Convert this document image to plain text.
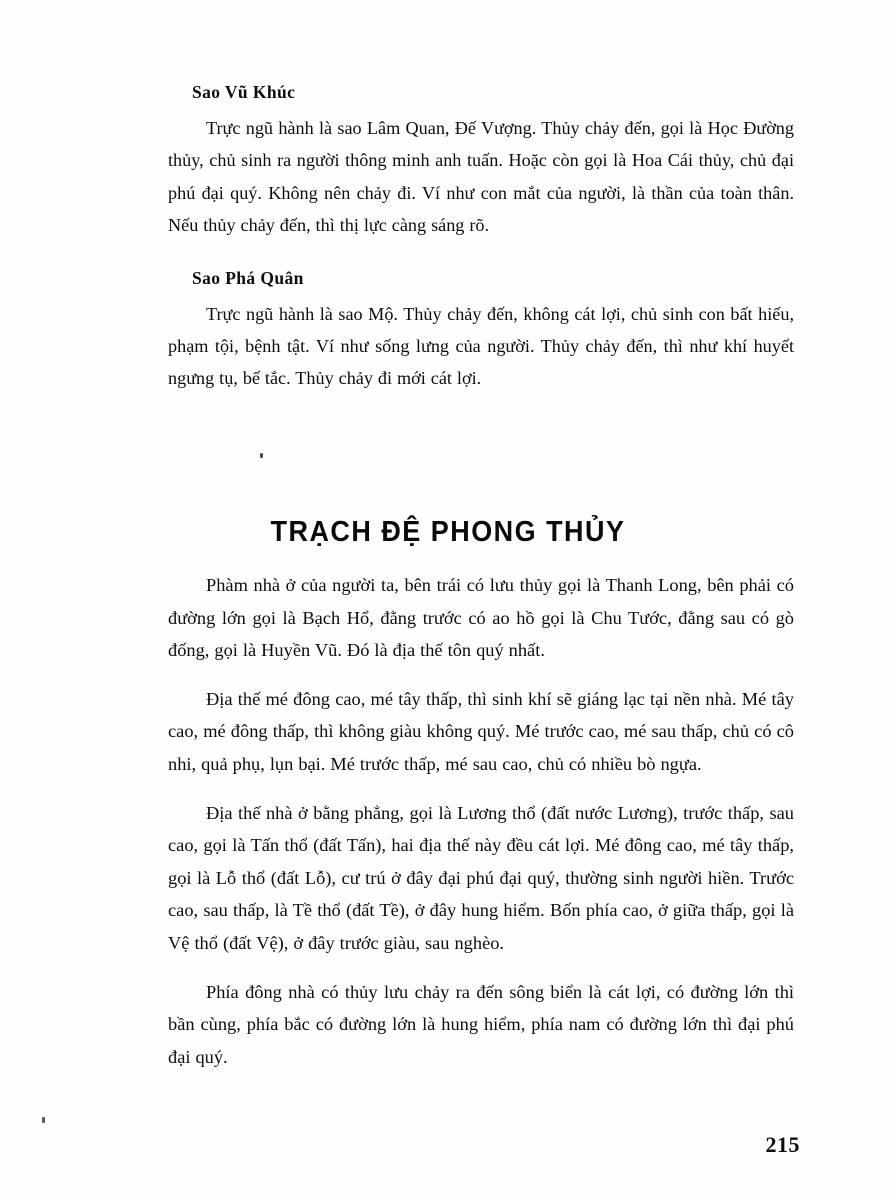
Sao Vũ Khúc

Trực ngũ hành là sao Lâm Quan, Đế Vượng. Thủy chảy đến, gọi là Học Đường thủy, chủ sinh ra người thông minh anh tuấn. Hoặc còn gọi là Hoa Cái thủy, chủ đại phú đại quý. Không nên chảy đi. Ví như con mắt của người, là thần của toàn thân. Nếu thủy chảy đến, thì thị lực càng sáng rõ.

Sao Phá Quân

Trực ngũ hành là sao Mộ. Thủy chảy đến, không cát lợi, chủ sinh con bất hiếu, phạm tội, bệnh tật. Ví như sống lưng của người. Thủy chảy đến, thì như khí huyết ngưng tụ, bế tắc. Thủy chảy đi mới cát lợi.

TRẠCH ĐỆ PHONG THỦY

Phàm nhà ở của người ta, bên trái có lưu thủy gọi là Thanh Long, bên phải có đường lớn gọi là Bạch Hổ, đằng trước có ao hồ gọi là Chu Tước, đằng sau có gò đống, gọi là Huyền Vũ. Đó là địa thế tôn quý nhất.

Địa thế mé đông cao, mé tây thấp, thì sinh khí sẽ giáng lạc tại nền nhà. Mé tây cao, mé đông thấp, thì không giàu không quý. Mé trước cao, mé sau thấp, chủ có cô nhi, quả phụ, lụn bại. Mé trước thấp, mé sau cao, chủ có nhiều bò ngựa.

Địa thế nhà ở bằng phẳng, gọi là Lương thổ (đất nước Lương), trước thấp, sau cao, gọi là Tấn thổ (đất Tấn), hai địa thế này đều cát lợi. Mé đông cao, mé tây thấp, gọi là Lỗ thổ (đất Lỗ), cư trú ở đây đại phú đại quý, thường sinh người hiền. Trước cao, sau thấp, là Tề thổ (đất Tề), ở đây hung hiểm. Bốn phía cao, ở giữa thấp, gọi là Vệ thổ (đất Vệ), ở đây trước giàu, sau nghèo.

Phía đông nhà có thủy lưu chảy ra đến sông biển là cát lợi, có đường lớn thì bần cùng, phía bắc có đường lớn là hung hiểm, phía nam có đường lớn thì đại phú đại quý.

215
